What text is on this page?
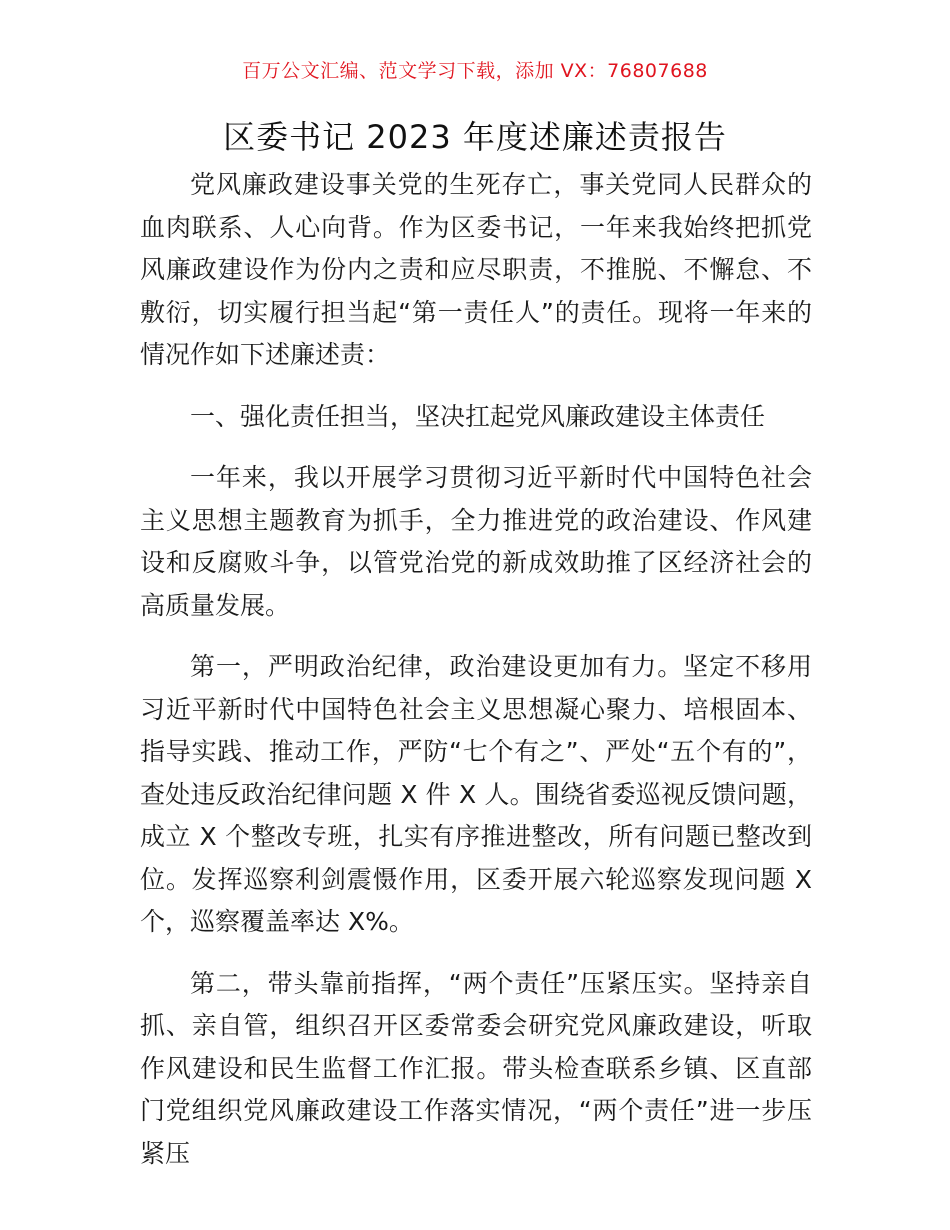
百万公文汇编、范文学习下载，添加 VX：76807688
区委书记 2023 年度述廉述责报告

党风廉政建设事关党的生死存亡，事关党同人民群众的血肉联系、人心向背。作为区委书记，一年来我始终把抓党风廉政建设作为份内之责和应尽职责，不推脱、不懈怠、不敷衍，切实履行担当起“第一责任人”的责任。现将一年来的情况作如下述廉述责：

一、强化责任担当，坚决扛起党风廉政建设主体责任

一年来，我以开展学习贯彻习近平新时代中国特色社会主义思想主题教育为抓手，全力推进党的政治建设、作风建设和反腐败斗争，以管党治党的新成效助推了区经济社会的高质量发展。

第一，严明政治纪律，政治建设更加有力。坚定不移用习近平新时代中国特色社会主义思想凝心聚力、培根固本、指导实践、推动工作，严防“七个有之”、严处“五个有的”，查处违反政治纪律问题 X 件 X 人。围绕省委巡视反馈问题，成立 X 个整改专班，扎实有序推进整改，所有问题已整改到位。发挥巡察利剑震慑作用，区委开展六轮巡察发现问题 X 个，巡察覆盖率达 X%。

第二，带头靠前指挥，“两个责任”压紧压实。坚持亲自抓、亲自管，组织召开区委常委会研究党风廉政建设，听取作风建设和民生监督工作汇报。带头检查联系乡镇、区直部门党组织党风廉政建设工作落实情况，“两个责任”进一步压紧压
